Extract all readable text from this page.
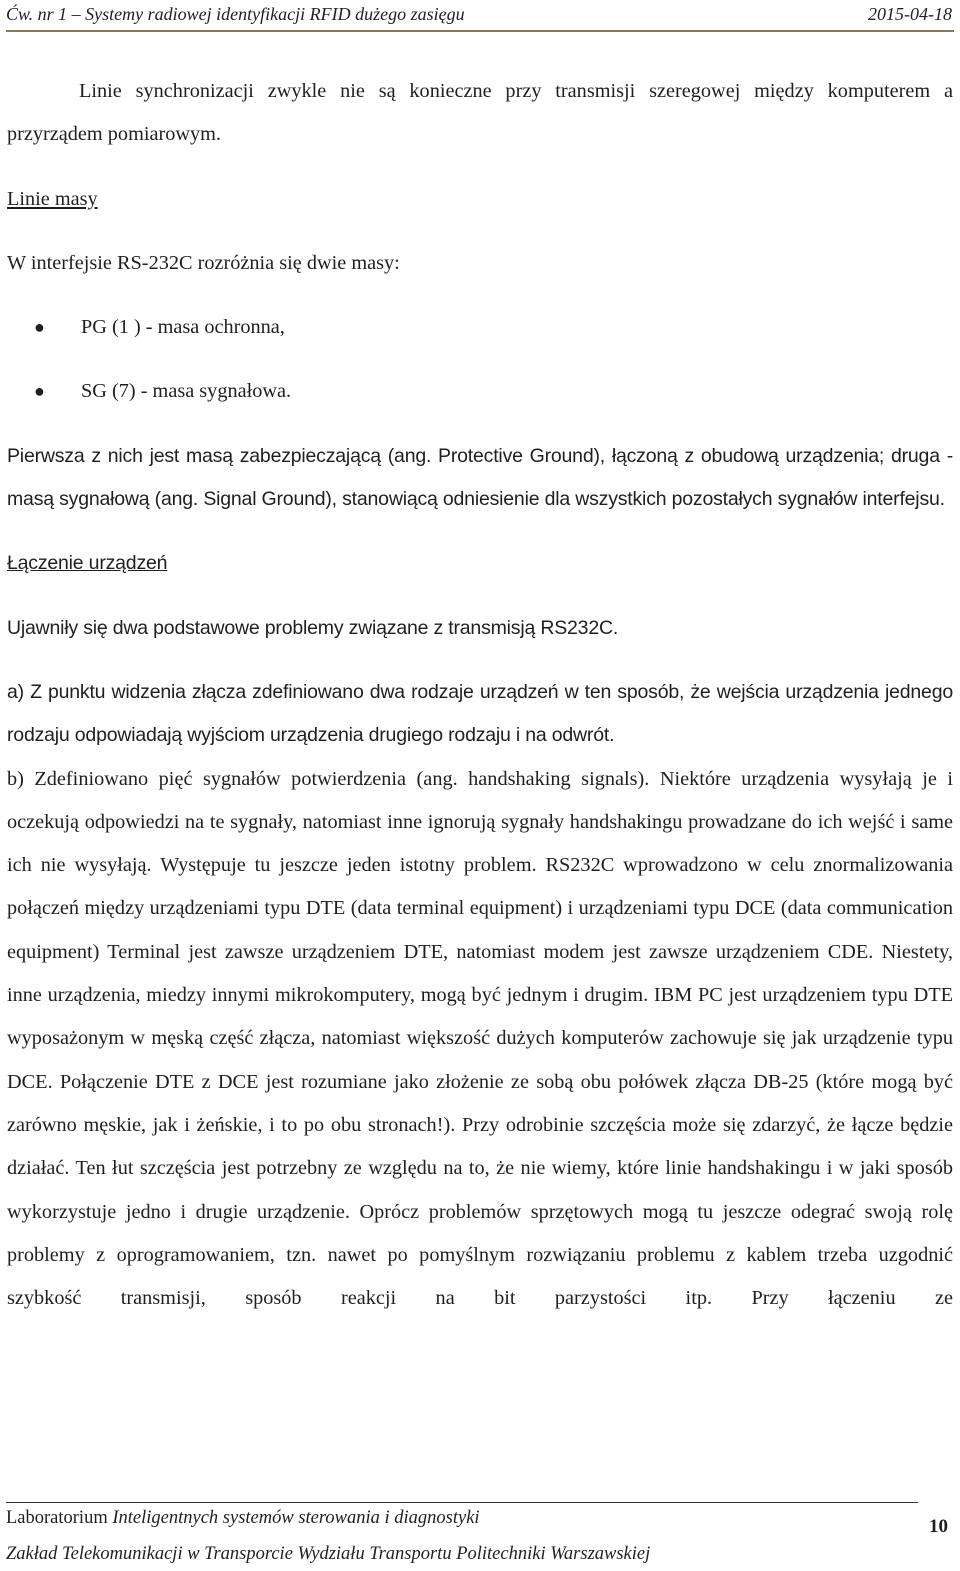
Ćw. nr 1 – Systemy radiowej identyfikacji RFID dużego zasięgu	2015-04-18

Linie synchronizacji zwykle nie są konieczne przy transmisji szeregowej między komputerem a przyrządem pomiarowym.

Linie masy

W interfejsie RS-232C rozróżnia się dwie masy:

● PG (1 ) - masa ochronna,
● SG (7) - masa sygnałowa.

Pierwsza z nich jest masą zabezpieczającą (ang. Protective Ground), łączoną z obudową urządzenia; druga - masą sygnałową (ang. Signal Ground), stanowiącą odniesienie dla wszystkich pozostałych sygnałów interfejsu.

Łączenie urządzeń

Ujawniły się dwa podstawowe problemy związane z transmisją RS232C.

a) Z punktu widzenia złącza zdefiniowano dwa rodzaje urządzeń w ten sposób, że wejścia urządzenia jednego rodzaju odpowiadają wyjściom urządzenia drugiego rodzaju i na odwrót.

b) Zdefiniowano pięć sygnałów potwierdzenia (ang. handshaking signals). Niektóre urządzenia wysyłają je i oczekują odpowiedzi na te sygnały, natomiast inne ignorują sygnały handshakingu prowadzane do ich wejść i same ich nie wysyłają. Występuje tu jeszcze jeden istotny problem. RS232C wprowadzono w celu znormalizowania połączeń między urządzeniami typu DTE (data terminal equipment) i urządzeniami typu DCE (data communication equipment) Terminal jest zawsze urządzeniem DTE, natomiast modem jest zawsze urządzeniem CDE. Niestety, inne urządzenia, miedzy innymi mikrokomputery, mogą być jednym i drugim. IBM PC jest urządzeniem typu DTE wyposażonym w męską część złącza, natomiast większość dużych komputerów zachowuje się jak urządzenie typu DCE. Połączenie DTE z DCE jest rozumiane jako złożenie ze sobą obu połówek złącza DB-25 (które mogą być zarówno męskie, jak i żeńskie, i to po obu stronach!). Przy odrobinie szczęścia może się zdarzyć, że łącze będzie działać. Ten łut szczęścia jest potrzebny ze względu na to, że nie wiemy, które linie handshakingu i w jaki sposób wykorzystuje jedno i drugie urządzenie. Oprócz problemów sprzętowych mogą tu jeszcze odegrać swoją rolę problemy z oprogramowaniem, tzn. nawet po pomyślnym rozwiązaniu problemu z kablem trzeba uzgodnić szybkość transmisji, sposób reakcji na bit parzystości itp. Przy łączeniu ze

Laboratorium Inteligentnych systemów sterowania i diagnostyki
Zakład Telekomunikacji w Transporcie Wydziału Transportu Politechniki Warszawskiej
10
